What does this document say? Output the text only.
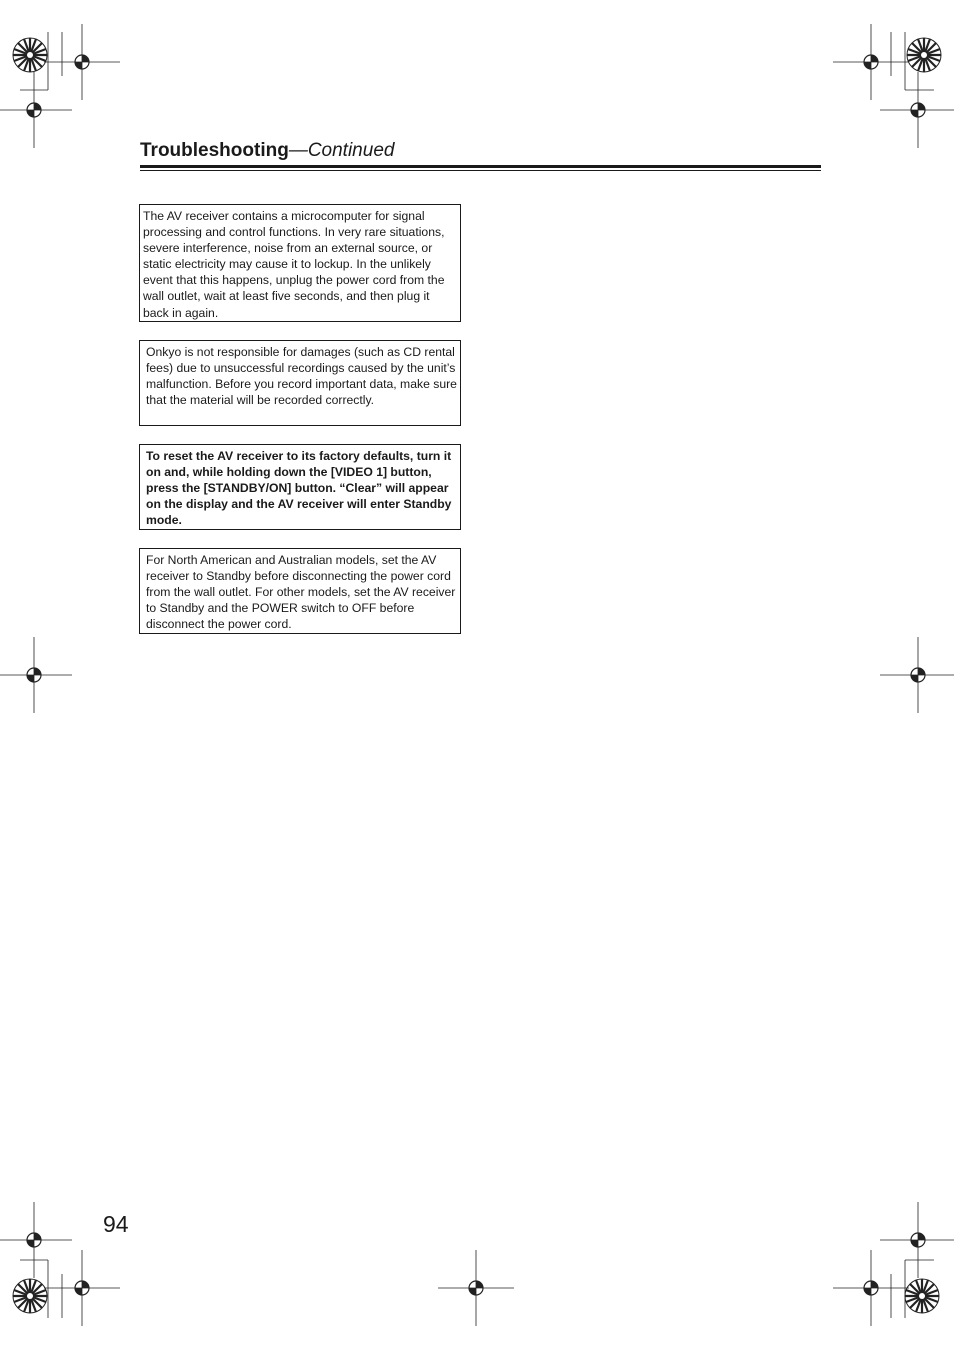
Troubleshooting—Continued
The AV receiver contains a microcomputer for signal processing and control functions. In very rare situations, severe interference, noise from an external source, or static electricity may cause it to lockup. In the unlikely event that this happens, unplug the power cord from the wall outlet, wait at least five seconds, and then plug it back in again.
Onkyo is not responsible for damages (such as CD rental fees) due to unsuccessful recordings caused by the unit’s malfunction. Before you record important data, make sure that the material will be recorded correctly.
To reset the AV receiver to its factory defaults, turn it on and, while holding down the [VIDEO 1] button, press the [STANDBY/ON] button. “Clear” will appear on the display and the AV receiver will enter Standby mode.
For North American and Australian models, set the AV receiver to Standby before disconnecting the power cord from the wall outlet. For other models, set the AV receiver to Standby and the POWER switch to OFF before disconnect the power cord.
94
